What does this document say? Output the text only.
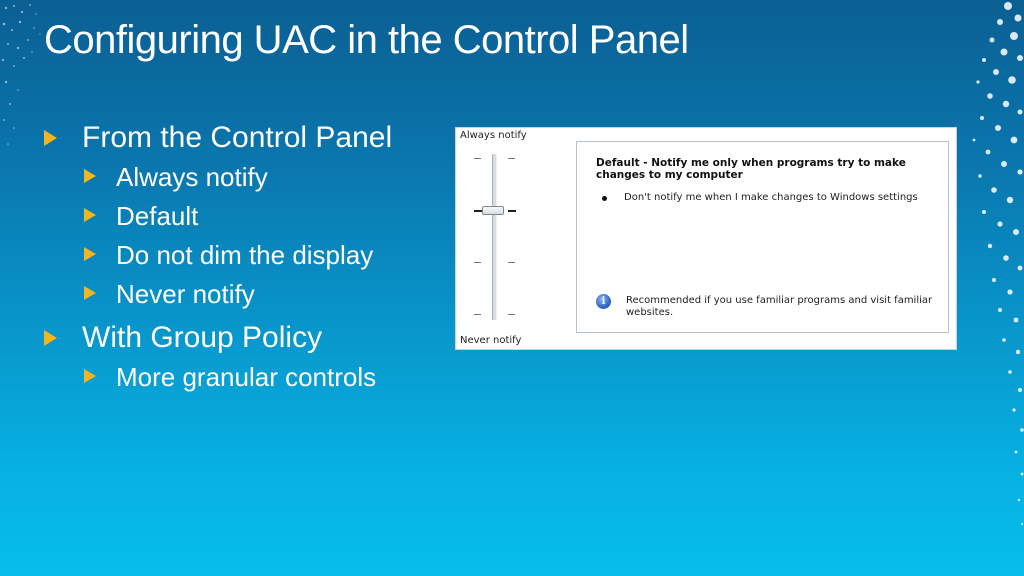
Configuring UAC in the Control Panel
From the Control Panel
Always notify
Default
Do not dim the display
Never notify
With Group Policy
More granular controls
Always notify
Never notify
Default - Notify me only when programs try to make changes to my computer
Don't notify me when I make changes to Windows settings
i	Recommended if you use familiar programs and visit familiar websites.
